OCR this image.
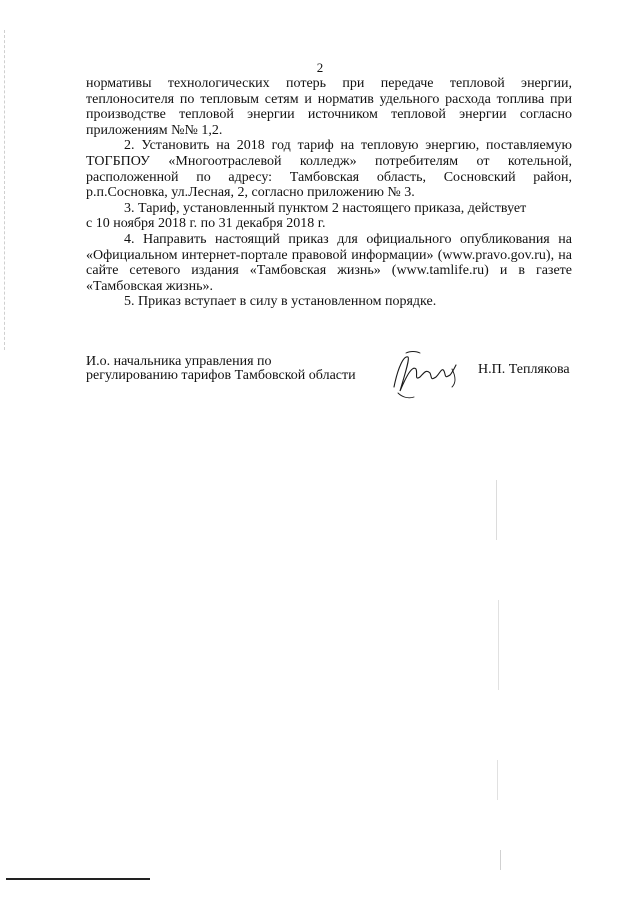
2

нормативы технологических потерь при передаче тепловой энергии, теплоносителя по тепловым сетям и норматив удельного расхода топлива при производстве тепловой энергии источником тепловой энергии согласно приложениям №№ 1,2.

2. Установить на 2018 год тариф на тепловую энергию, поставляемую ТОГБПОУ «Многоотраслевой колледж» потребителям от котельной, расположенной по адресу: Тамбовская область, Сосновский район, р.п.Сосновка, ул.Лесная, 2, согласно приложению № 3.

3. Тариф, установленный пунктом 2 настоящего приказа, действует

с 10 ноября 2018 г. по 31 декабря 2018 г.

4. Направить настоящий приказ для официального опубликования на «Официальном интернет-портале правовой информации» (www.pravo.gov.ru), на сайте сетевого издания «Тамбовская жизнь» (www.tamlife.ru) и в газете «Тамбовская жизнь».

5. Приказ вступает в силу в установленном порядке.

И.о. начальника управления по
регулированию тарифов Тамбовской области	Н.П. Теплякова
